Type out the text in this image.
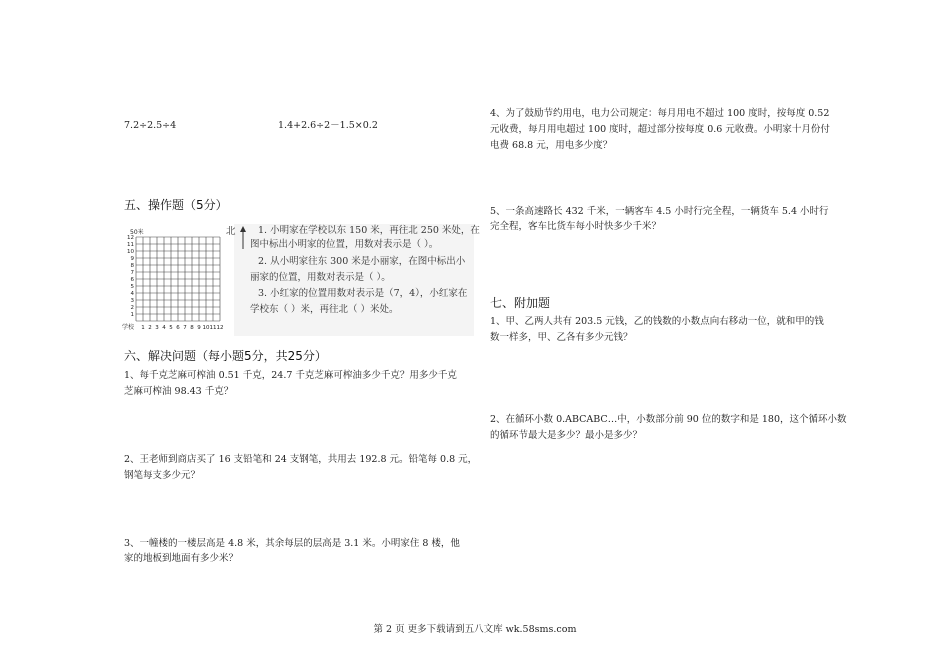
7.2÷2.5÷4	1.4+2.6÷2－1.5×0.2
五、操作题（5分）
50米
12
11
10
9
8
7
6
5
4
3
2
1
1 2 3 4 5 6 7 8 9 10 11 12
学校
北 1. 小明家在学校以东 150 米，再往北 250 米处，在
图中标出小明家的位置，用数对表示是（ ）。
2. 从小明家往东 300 米是小丽家，在图中标出小
丽家的位置，用数对表示是（ ）。
3. 小红家的位置用数对表示是（7，4），小红家在
学校东（ ）米，再往北（ ）米处。
六、解决问题（每小题5分，共25分）
1、每千克芝麻可榨油 0.51 千克，24.7 千克芝麻可榨油多少千克？用多少千克
芝麻可榨油 98.43 千克？
2、王老师到商店买了 16 支铅笔和 24 支钢笔，共用去 192.8 元。铅笔每 0.8 元，
钢笔每支多少元？
3、一幢楼的一楼层高是 4.8 米，其余每层的层高是 3.1 米。小明家住 8 楼，他
家的地板到地面有多少米？
4、为了鼓励节约用电，电力公司规定：每月用电不超过 100 度时，按每度 0.52
元收费，每月用电超过 100 度时，超过部分按每度 0.6 元收费。小明家十月份付
电费 68.8 元，用电多少度？
5、一条高速路长 432 千米，一辆客车 4.5 小时行完全程，一辆货车 5.4 小时行
完全程，客车比货车每小时快多少千米？
七、附加题
1、甲、乙两人共有 203.5 元钱，乙的钱数的小数点向右移动一位，就和甲的钱
数一样多，甲、乙各有多少元钱？
2、在循环小数 0.ABCABC…中，小数部分前 90 位的数字和是 180，这个循环小数
的循环节最大是多少？最小是多少？
第 2 页 更多下载请到五八文库 wk.58sms.com
